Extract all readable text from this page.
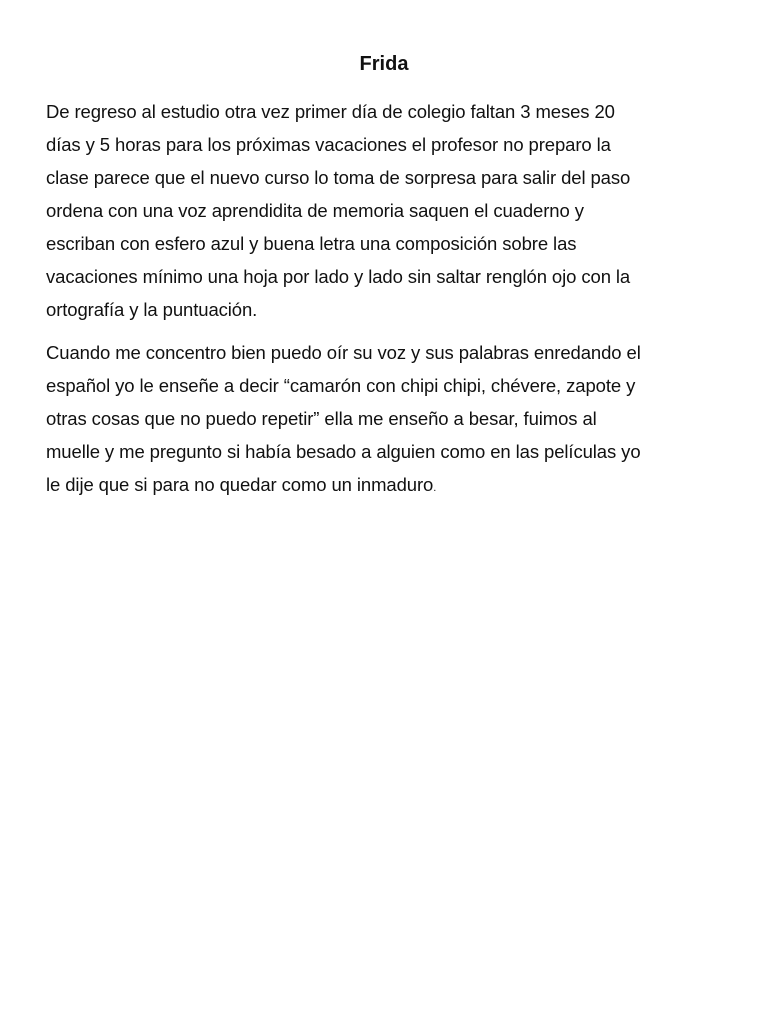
Frida

De regreso al estudio otra vez primer día de colegio faltan 3 meses 20
días y 5 horas para los próximas vacaciones el profesor no preparo la
clase parece que el nuevo curso lo toma de sorpresa para salir del paso
ordena con una voz aprendidita de memoria saquen el cuaderno y
escriban con esfero azul y buena letra una composición sobre las
vacaciones mínimo una hoja por lado y lado sin saltar renglón ojo con la
ortografía y la puntuación.

Cuando me concentro bien puedo oír su voz y sus palabras enredando el
español yo le enseñe a decir “camarón con chipi chipi, chévere, zapote y
otras cosas que no puedo repetir” ella me enseño a besar, fuimos al
muelle y me pregunto si había besado a alguien como en las películas yo
le dije que si para no quedar como un inmaduro.
